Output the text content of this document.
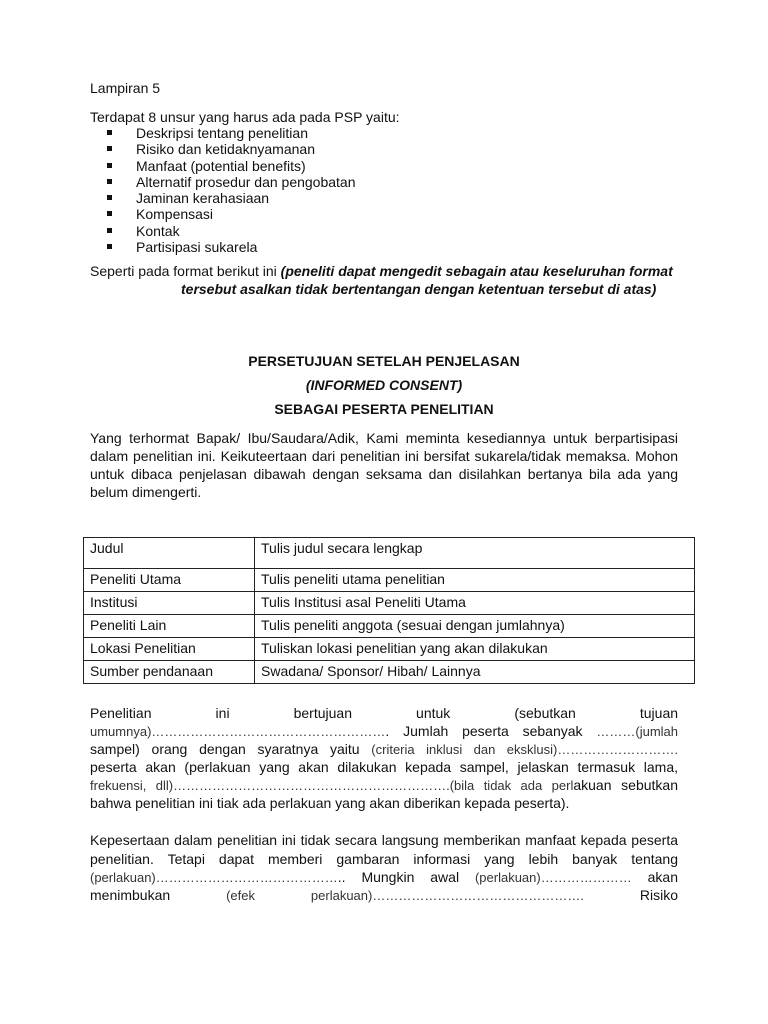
Lampiran 5
Terdapat 8 unsur yang harus ada pada PSP yaitu:
Deskripsi tentang penelitian
Risiko dan ketidaknyamanan
Manfaat (potential benefits)
Alternatif prosedur dan pengobatan
Jaminan kerahasiaan
Kompensasi
Kontak
Partisipasi sukarela
Seperti pada format berikut ini (peneliti dapat mengedit sebagain atau keseluruhan format
tersebut asalkan tidak bertentangan dengan ketentuan tersebut di atas)
PERSETUJUAN SETELAH PENJELASAN
(INFORMED CONSENT)
SEBAGAI PESERTA PENELITIAN
Yang terhormat Bapak/ Ibu/Saudara/Adik, Kami meminta kesediannya untuk berpartisipasi
dalam penelitian ini. Keikuteertaan dari penelitian ini bersifat sukarela/tidak memaksa. Mohon
untuk dibaca penjelasan dibawah dengan seksama dan disilahkan bertanya bila ada yang
belum dimengerti.
Judul	Tulis judul secara lengkap
Peneliti Utama	Tulis peneliti utama penelitian
Institusi	Tulis Institusi asal Peneliti Utama
Peneliti Lain	Tulis peneliti anggota (sesuai dengan jumlahnya)
Lokasi Penelitian	Tuliskan lokasi penelitian yang akan dilakukan
Sumber pendanaan	Swadana/ Sponsor/ Hibah/ Lainnya
Penelitian	ini	bertujuan	untuk	(sebutkan	tujuan
umumnya)………………………………………………. Jumlah peserta sebanyak ………(jumlah
sampel) orang dengan syaratnya yaitu (criteria inklusi dan eksklusi)……………………….
peserta akan (perlakuan yang akan dilakukan kepada sampel, jelaskan termasuk lama,
frekuensi, dll)……………………………………………………….(bila tidak ada perlakuan sebutkan
bahwa penelitian ini tiak ada perlakuan yang akan diberikan kepada peserta).
Kepesertaan dalam penelitian ini tidak secara langsung memberikan manfaat kepada peserta
penelitian. Tetapi dapat memberi gambaran informasi yang lebih banyak tentang
(perlakuan)…………………………………….. Mungkin awal (perlakuan)………………… akan
menimbukan	(efek	perlakuan)………………………………………….	Risiko
